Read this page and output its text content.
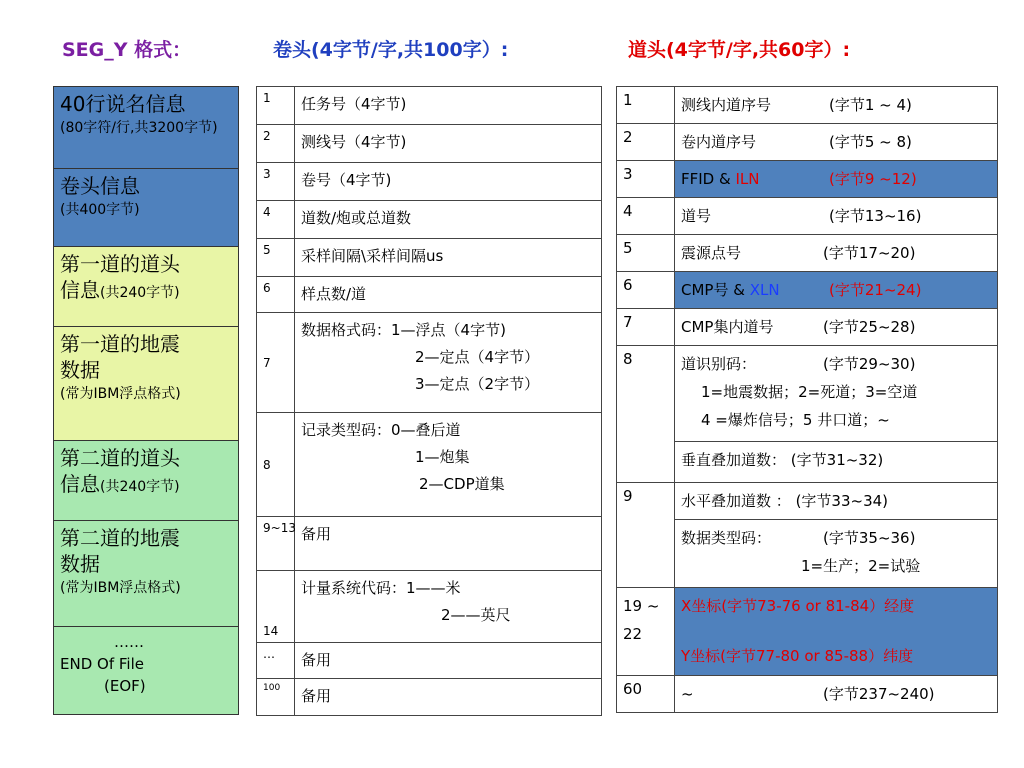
SEG_Y 格式：	卷头(4字节/字,共100字）:	道头(4字节/字,共60字）:
40行说名信息
(80字符/行,共3200字节)
卷头信息
(共400字节)
第一道的道头
信息(共240字节)
第一道的地震
数据
(常为IBM浮点格式)
第二道的道头
信息(共240字节)
第二道的地震
数据
(常为IBM浮点格式)
……
END Of File
(EOF)
1	任务号（4字节)
2	测线号（4字节)
3	卷号（4字节)
4	道数/炮或总道数
5	采样间隔\采样间隔us
6	样点数/道
7	数据格式码：1—浮点（4字节)
2—定点（4字节）
3—定点（2字节）

8	记录类型码：0—叠后道
1—炮集
2—CDP道集

9~13	备用
14	计量系统代码：1——米
2——英尺

…	备用
100	备用
1	测线内道序号 (字节1 ~ 4)
2	卷内道序号 (字节5 ~ 8)
3	FFID & ILN (字节9 ~12)
4	道号 (字节13~16)
5	震源点号 (字节17~20)
6	CMP号 & XLN (字节21~24)
7	CMP集内道号 (字节25~28)
8	道识别码： (字节29~30)
1=地震数据；2=死道；3=空道
4 =爆炸信号；5 井口道；~

	垂直叠加道数： (字节31~32)
9	水平叠加道数 ： (字节33~34)
	数据类型码： (字节35~36)
1=生产；2=试验

19 ~ 22	X坐标(字节73-76 or 81-84）经度

Y坐标(字节77-80 or 85-88）纬度

60	~ (字节237~240)
